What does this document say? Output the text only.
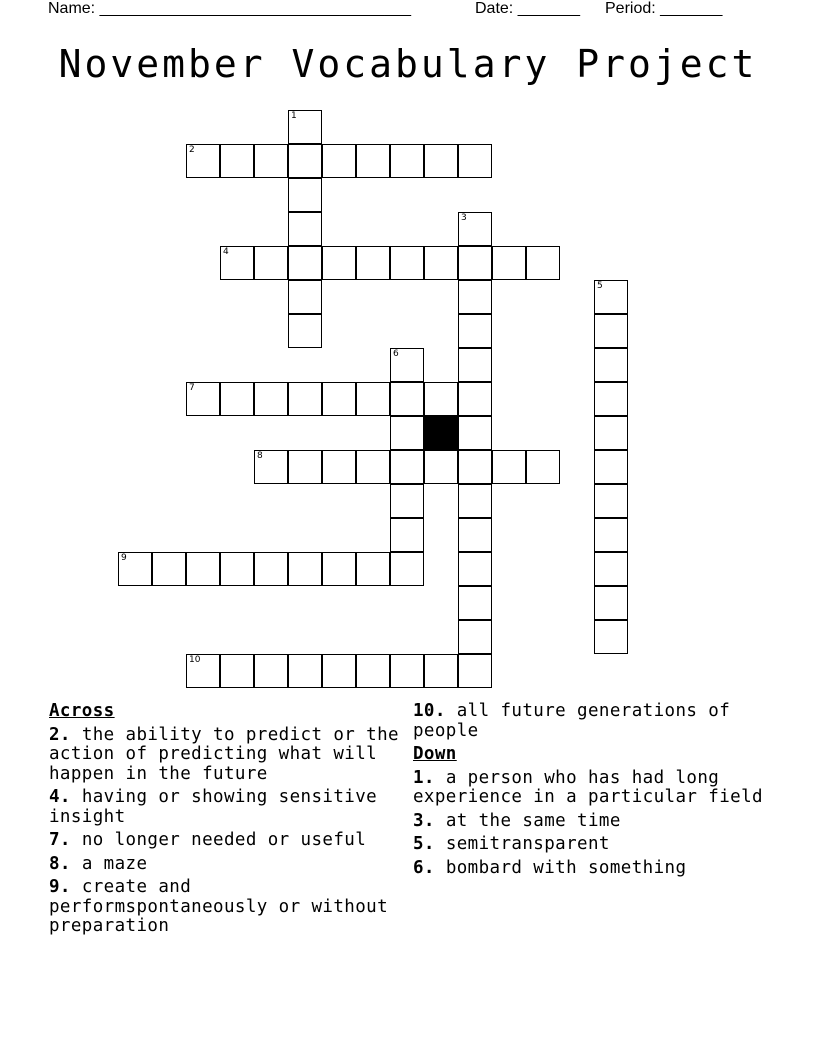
Name: ___________________________________

	Date: _______

Period: _______

November Vocabulary Project
1
2
3
4
5
6
7
8
9
10
Across
2. the ability to predict or the action of predicting what will happen in the future
4. having or showing sensitive insight
7. no longer needed or useful
8. a maze
9. create and performspontaneously or without preparation
10. all future generations of people
Down
1. a person who has had long experience in a particular field
3. at the same time
5. semitransparent
6. bombard with something
